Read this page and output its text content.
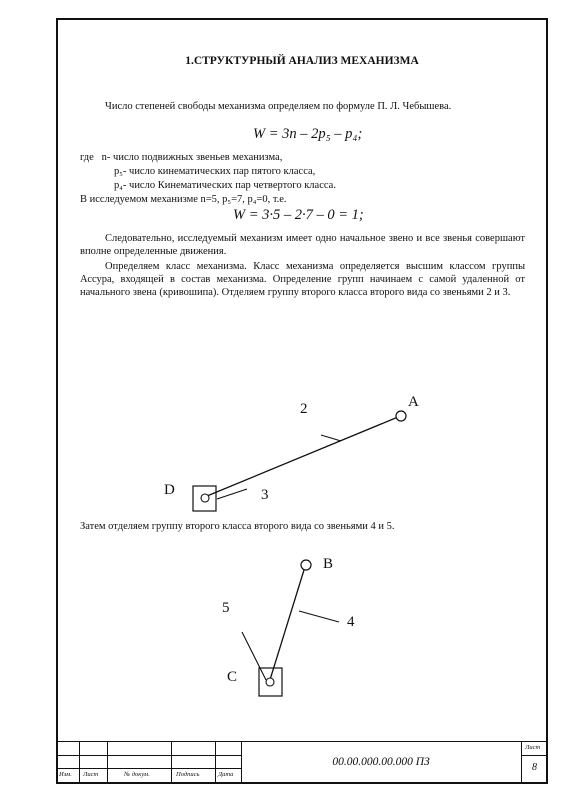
1.СТРУКТУРНЫЙ АНАЛИЗ МЕХАНИЗМА
Число степеней свободы механизма определяем по формуле П. Л. Чебышева.
W = 3n – 2p₅ – p₄;
где n- число подвижных звеньев механизма,
p₅- число кинематических пар пятого класса,
p₄- число Кинематических пар четвертого класса.
В исследуемом механизме n=5, p₅=7, p₄=0, т.е.
W = 3·5 – 2·7 – 0 = 1;
Следовательно, исследуемый механизм имеет одно начальное звено и все звенья совершают вполне определенные движения.
Определяем класс механизма. Класс механизма определяется высшим классом группы Ассура, входящей в состав механизма. Определение групп начинаем с самой удаленной от начального звена (кривошипа). Отделяем группу второго класса второго вида со звеньями 2 и 3.
A
2
D	3
Затем отделяем группу второго класса второго вида со звеньями 4 и 5.
B
5
4
C
Изм. Лист	№ докум.	Подпись	Дата
00.00.000.00.000 ПЗ
Лист
8
